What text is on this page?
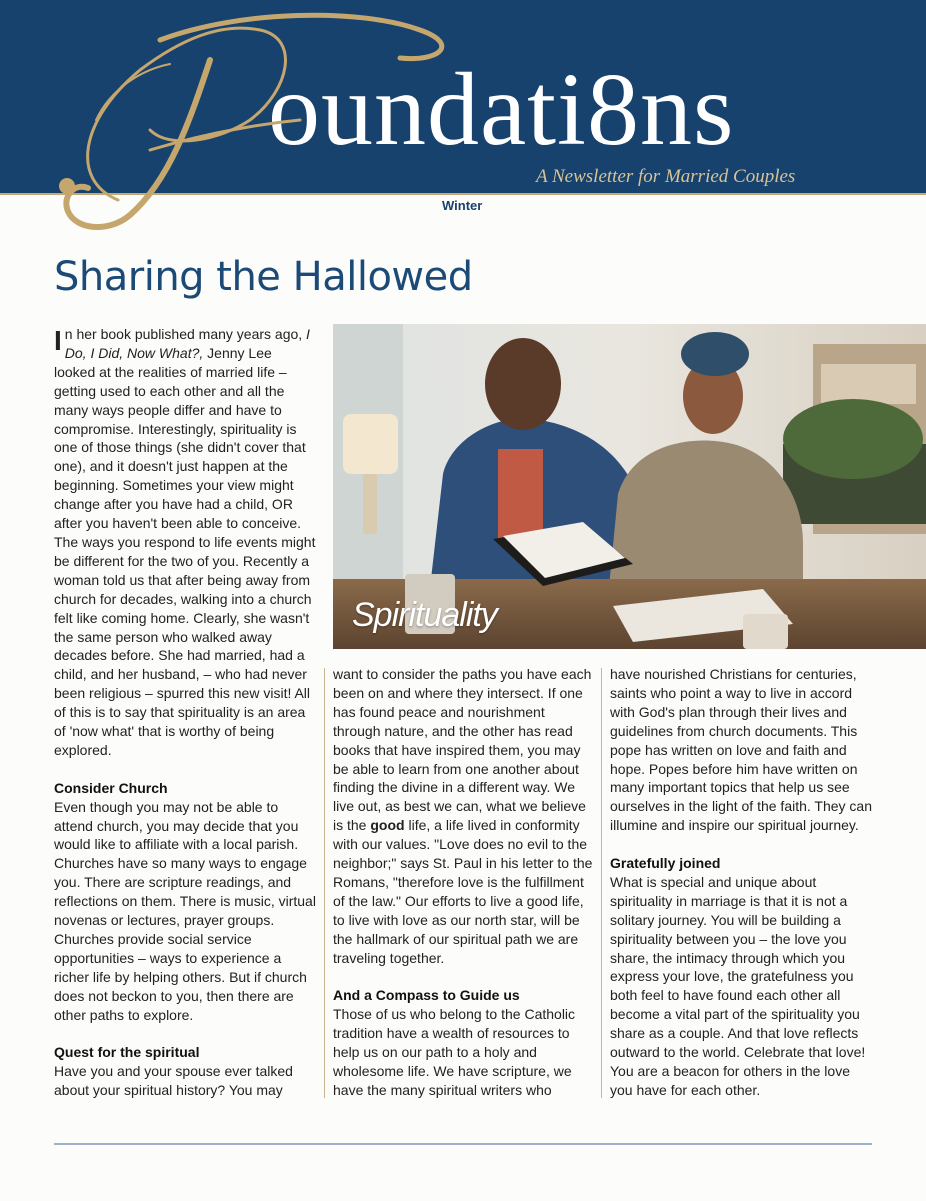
oundati8ns
A Newsletter for Married Couples
Winter
Sharing the Hallowed

In her book published many years ago, I Do, I Did, Now What?, Jenny Lee looked at the realities of married life – getting used to each other and all the many ways people differ and have to compromise. Interestingly, spirituality is one of those things (she didn't cover that one), and it doesn't just happen at the beginning. Sometimes your view might change after you have had a child, OR after you haven't been able to conceive. The ways you respond to life events might be different for the two of you. Recently a woman told us that after being away from church for decades, walking into a church felt like coming home. Clearly, she wasn't the same person who walked away decades before. She had married, had a child, and her husband, – who had never been religious – spurred this new visit! All of this is to say that spirituality is an area of 'now what' that is worthy of being explored.

Consider Church

Even though you may not be able to attend church, you may decide that you would like to affiliate with a local parish. Churches have so many ways to engage you. There are scripture readings, and reflections on them. There is music, virtual novenas or lectures, prayer groups. Churches provide social service opportunities – ways to experience a richer life by helping others. But if church does not beckon to you, then there are other paths to explore.

Quest for the spiritual

Have you and your spouse ever talked about your spiritual history? You may

Spirituality

want to consider the paths you have each been on and where they intersect. If one has found peace and nourishment through nature, and the other has read books that have inspired them, you may be able to learn from one another about finding the divine in a different way. We live out, as best we can, what we believe is the good life, a life lived in conformity with our values. "Love does no evil to the neighbor;" says St. Paul in his letter to the Romans, "therefore love is the fulfillment of the law." Our efforts to live a good life, to live with love as our north star, will be the hallmark of our spiritual path we are traveling together.

And a Compass to Guide us

Those of us who belong to the Catholic tradition have a wealth of resources to help us on our path to a holy and wholesome life. We have scripture, we have the many spiritual writers who

have nourished Christians for centuries, saints who point a way to live in accord with God's plan through their lives and guidelines from church documents. This pope has written on love and faith and hope. Popes before him have written on many important topics that help us see ourselves in the light of the faith. They can illumine and inspire our spiritual journey.

Gratefully joined

What is special and unique about spirituality in marriage is that it is not a solitary journey. You will be building a spirituality between you – the love you share, the intimacy through which you express your love, the gratefulness you both feel to have found each other all become a vital part of the spirituality you share as a couple. And that love reflects outward to the world. Celebrate that love! You are a beacon for others in the love you have for each other.
